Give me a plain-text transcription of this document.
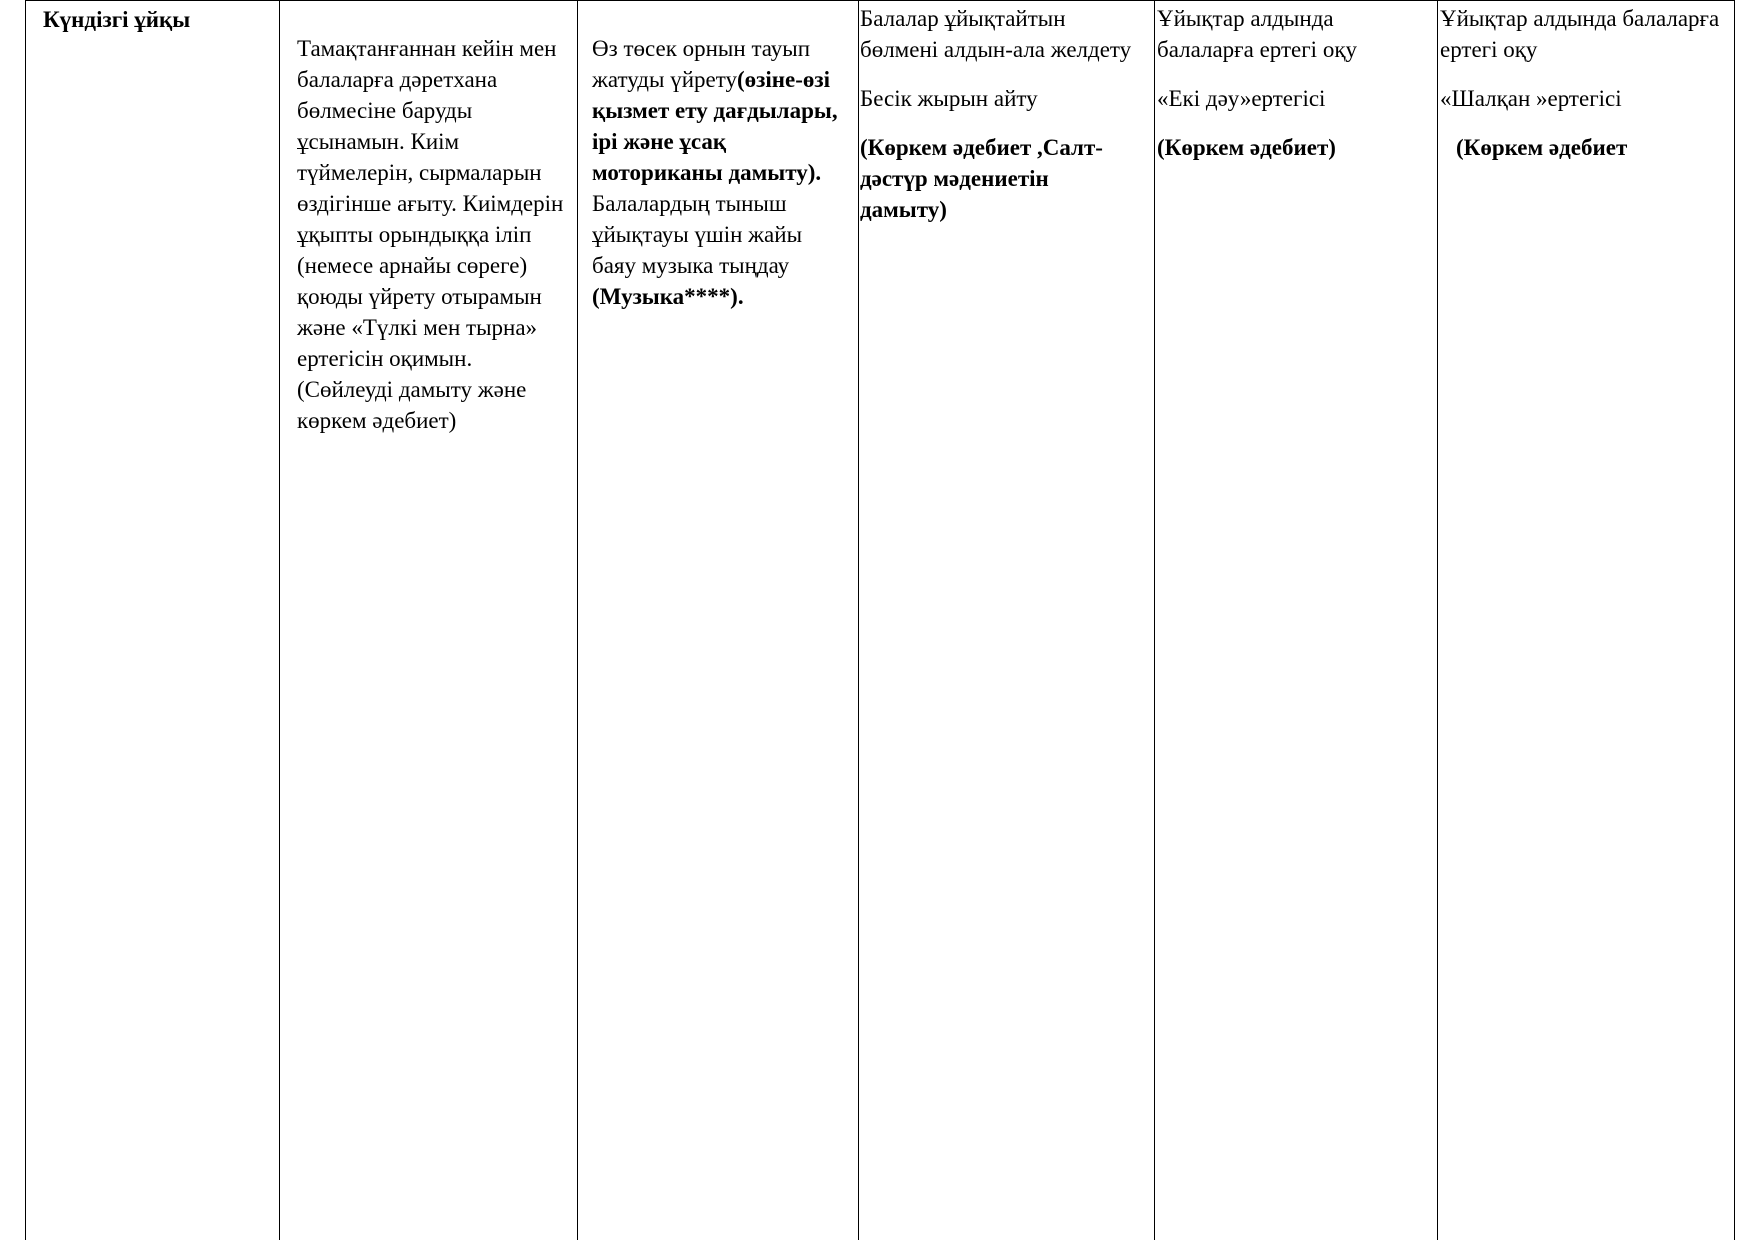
Күндізгі ұйқы

Тамақтанғаннан кейін мен балаларға дәретхана бөлмесіне баруды ұсынамын. Киім түймелерін, сырмаларын өздігінше ағыту. Киімдерін ұқыпты орындыққа іліп (немесе арнайы сөреге) қоюды үйрету отырамын және «Түлкі мен тырна» ертегісін оқимын. (Сөйлеуді дамыту және көркем әдебиет)

Өз төсек орнын тауып жатуды үйрету(өзіне-өзі қызмет ету дағдылары, ірі және ұсақ моториканы дамыту).

Балалардың тыныш ұйықтауы үшін жайы баяу музыка тыңдау (Музыка****).

Балалар ұйықтайтын бөлмені алдын-ала желдету

Бесік жырын айту

(Көркем әдебиет ,Салт-дәстүр мәдениетін дамыту)

Ұйықтар алдында балаларға ертегі оқу

«Екі дәу»ертегісі

(Көркем әдебиет)

Ұйықтар алдында балаларға ертегі оқу

«Шалқан »ертегісі

(Көркем әдебиет
